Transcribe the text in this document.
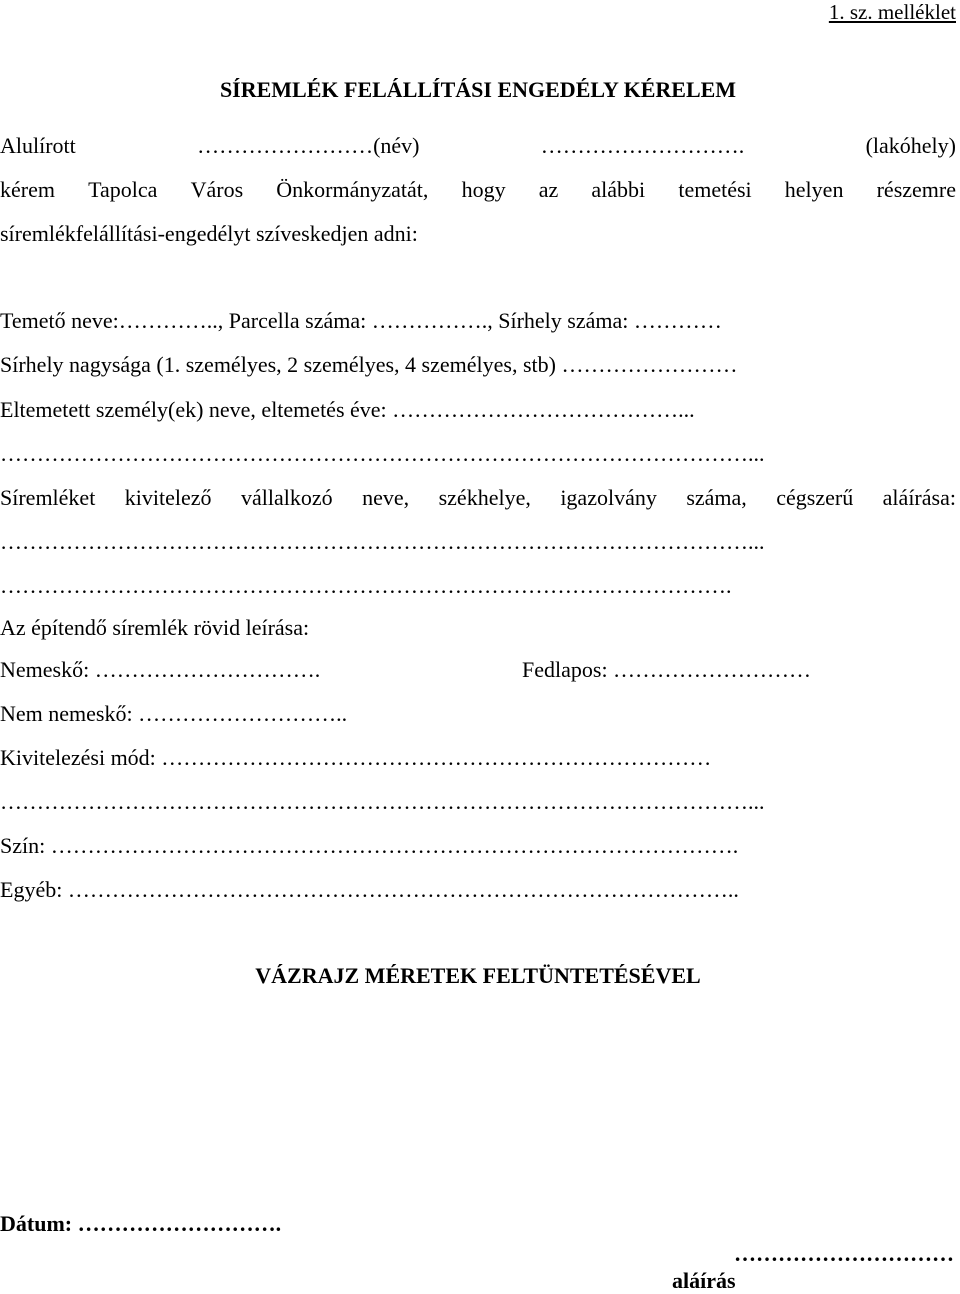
1. sz. melléklet
SÍREMLÉK FELÁLLÍTÁSI ENGEDÉLY KÉRELEM
Alulírott	……………………(név)	……………………….	(lakóhely)
kérem Tapolca Város Önkormányzatát, hogy az alábbi temetési helyen részemre
síremlékfelállítási-engedélyt szíveskedjen adni:
Temető neve:………….., Parcella száma: ……………., Sírhely száma: …………
Sírhely nagysága (1. személyes, 2 személyes, 4 személyes, stb) ……………………
Eltemetett személy(ek) neve, eltemetés éve: …………………………………...
…………………………………………………………………………………………...
Síremléket kivitelező vállalkozó neve, székhelye, igazolvány száma, cégszerű aláírása:
…………………………………………………………………………………………...
……………………………………………………………………………………….
Az építendő síremlék rövid leírása:
Nemeskő: ………………………….	Fedlapos: ………………………
Nem nemeskő: ………………………..
Kivitelezési mód: …………………………………………………………………
…………………………………………………………………………………………...
Szín: ………………………………………………………………………………….
Egyéb: ………………………………………………………………………………..
VÁZRAJZ MÉRETEK FELTÜNTETÉSÉVEL
Dátum: ……………………….
…………………………
aláírás
